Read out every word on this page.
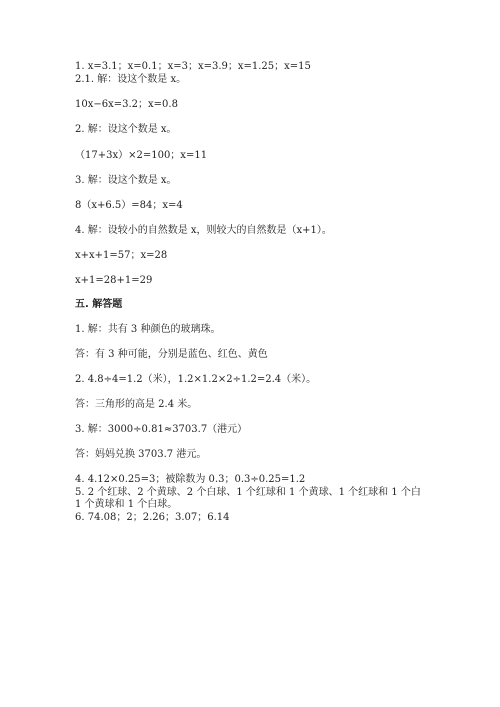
1. x=3.1；x=0.1；x=3；x=3.9；x=1.25；x=15
2.1. 解：设这个数是 x。
10x−6x=3.2；x=0.8
2. 解：设这个数是 x。
（17+3x）×2=100；x=11
3. 解：设这个数是 x。
8（x+6.5）=84；x=4
4. 解：设较小的自然数是 x，则较大的自然数是（x+1）。
x+x+1=57；x=28
x+1=28+1=29
五. 解答题
1. 解：共有 3 种颜色的玻璃珠。
答：有 3 种可能，分别是蓝色、红色、黄色
2. 4.8÷4=1.2（米），1.2×1.2×2÷1.2=2.4（米）。
答：三角形的高是 2.4 米。
3. 解：3000÷0.81≈3703.7（港元）
答：妈妈兑换 3703.7 港元。
4. 4.12×0.25=3；被除数为 0.3；0.3÷0.25=1.2
5. 2 个红球、2 个黄球、2 个白球、1 个红球和 1 个黄球、1 个红球和 1 个白
1 个黄球和 1 个白球。
6. 74.08；2；2.26；3.07；6.14
